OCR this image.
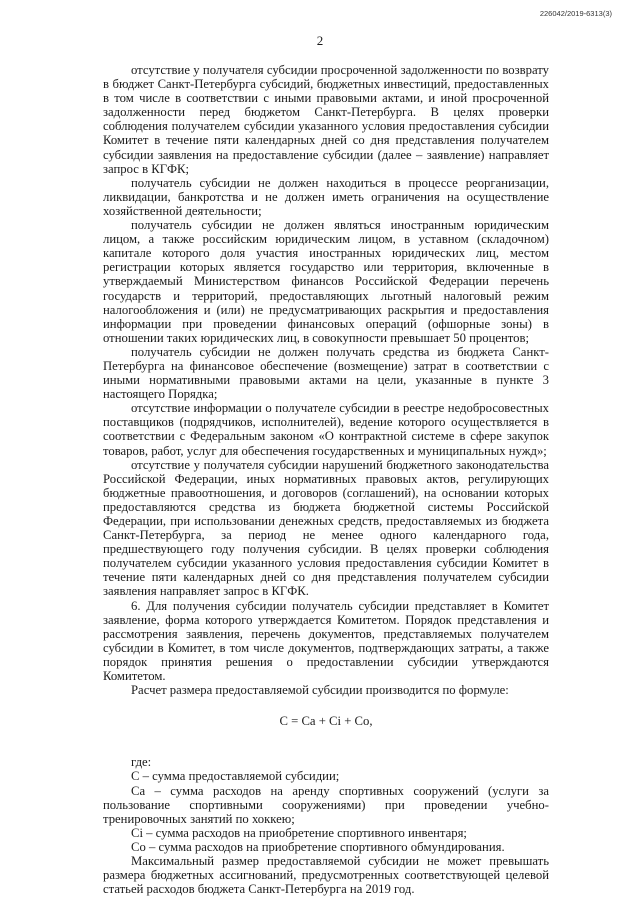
226042/2019-6313(3)

2

отсутствие у получателя субсидии просроченной задолженности по возврату в бюджет Санкт-Петербурга субсидий, бюджетных инвестиций, предоставленных в том числе в соответствии с иными правовыми актами, и иной просроченной задолженности перед бюджетом Санкт-Петербурга. В целях проверки соблюдения получателем субсидии указанного условия предоставления субсидии Комитет в течение пяти календарных дней со дня представления получателем субсидии заявления на предоставление субсидии (далее – заявление) направляет запрос в КГФК;

получатель субсидии не должен находиться в процессе реорганизации, ликвидации, банкротства и не должен иметь ограничения на осуществление хозяйственной деятельности;

получатель субсидии не должен являться иностранным юридическим лицом, а также российским юридическим лицом, в уставном (складочном) капитале которого доля участия иностранных юридических лиц, местом регистрации которых является государство или территория, включенные в утверждаемый Министерством финансов Российской Федерации перечень государств и территорий, предоставляющих льготный налоговый режим налогообложения и (или) не предусматривающих раскрытия и предоставления информации при проведении финансовых операций (офшорные зоны) в отношении таких юридических лиц, в совокупности превышает 50 процентов;

получатель субсидии не должен получать средства из бюджета Санкт-Петербурга на финансовое обеспечение (возмещение) затрат в соответствии с иными нормативными правовыми актами на цели, указанные в пункте 3 настоящего Порядка;

отсутствие информации о получателе субсидии в реестре недобросовестных поставщиков (подрядчиков, исполнителей), ведение которого осуществляется в соответствии с Федеральным законом «О контрактной системе в сфере закупок товаров, работ, услуг для обеспечения государственных и муниципальных нужд»;

отсутствие у получателя субсидии нарушений бюджетного законодательства Российской Федерации, иных нормативных правовых актов, регулирующих бюджетные правоотношения, и договоров (соглашений), на основании которых предоставляются средства из бюджета бюджетной системы Российской Федерации, при использовании денежных средств, предоставляемых из бюджета Санкт-Петербурга, за период не менее одного календарного года, предшествующего году получения субсидии. В целях проверки соблюдения получателем субсидии указанного условия предоставления субсидии Комитет в течение пяти календарных дней со дня представления получателем субсидии заявления направляет запрос в КГФК.

6. Для получения субсидии получатель субсидии представляет в Комитет заявление, форма которого утверждается Комитетом. Порядок представления и рассмотрения заявления, перечень документов, представляемых получателем субсидии в Комитет, в том числе документов, подтверждающих затраты, а также порядок принятия решения о предоставлении субсидии утверждаются Комитетом.

Расчет размера предоставляемой субсидии производится по формуле:

С = Са + Ci + Со,

где:

С – сумма предоставляемой субсидии;

Са – сумма расходов на аренду спортивных сооружений (услуги за пользование спортивными сооружениями) при проведении учебно-тренировочных занятий по хоккею;

Ci – сумма расходов на приобретение спортивного инвентаря;

Со – сумма расходов на приобретение спортивного обмундирования.

Максимальный размер предоставляемой субсидии не может превышать размера бюджетных ассигнований, предусмотренных соответствующей целевой статьей расходов бюджета Санкт-Петербурга на 2019 год.
